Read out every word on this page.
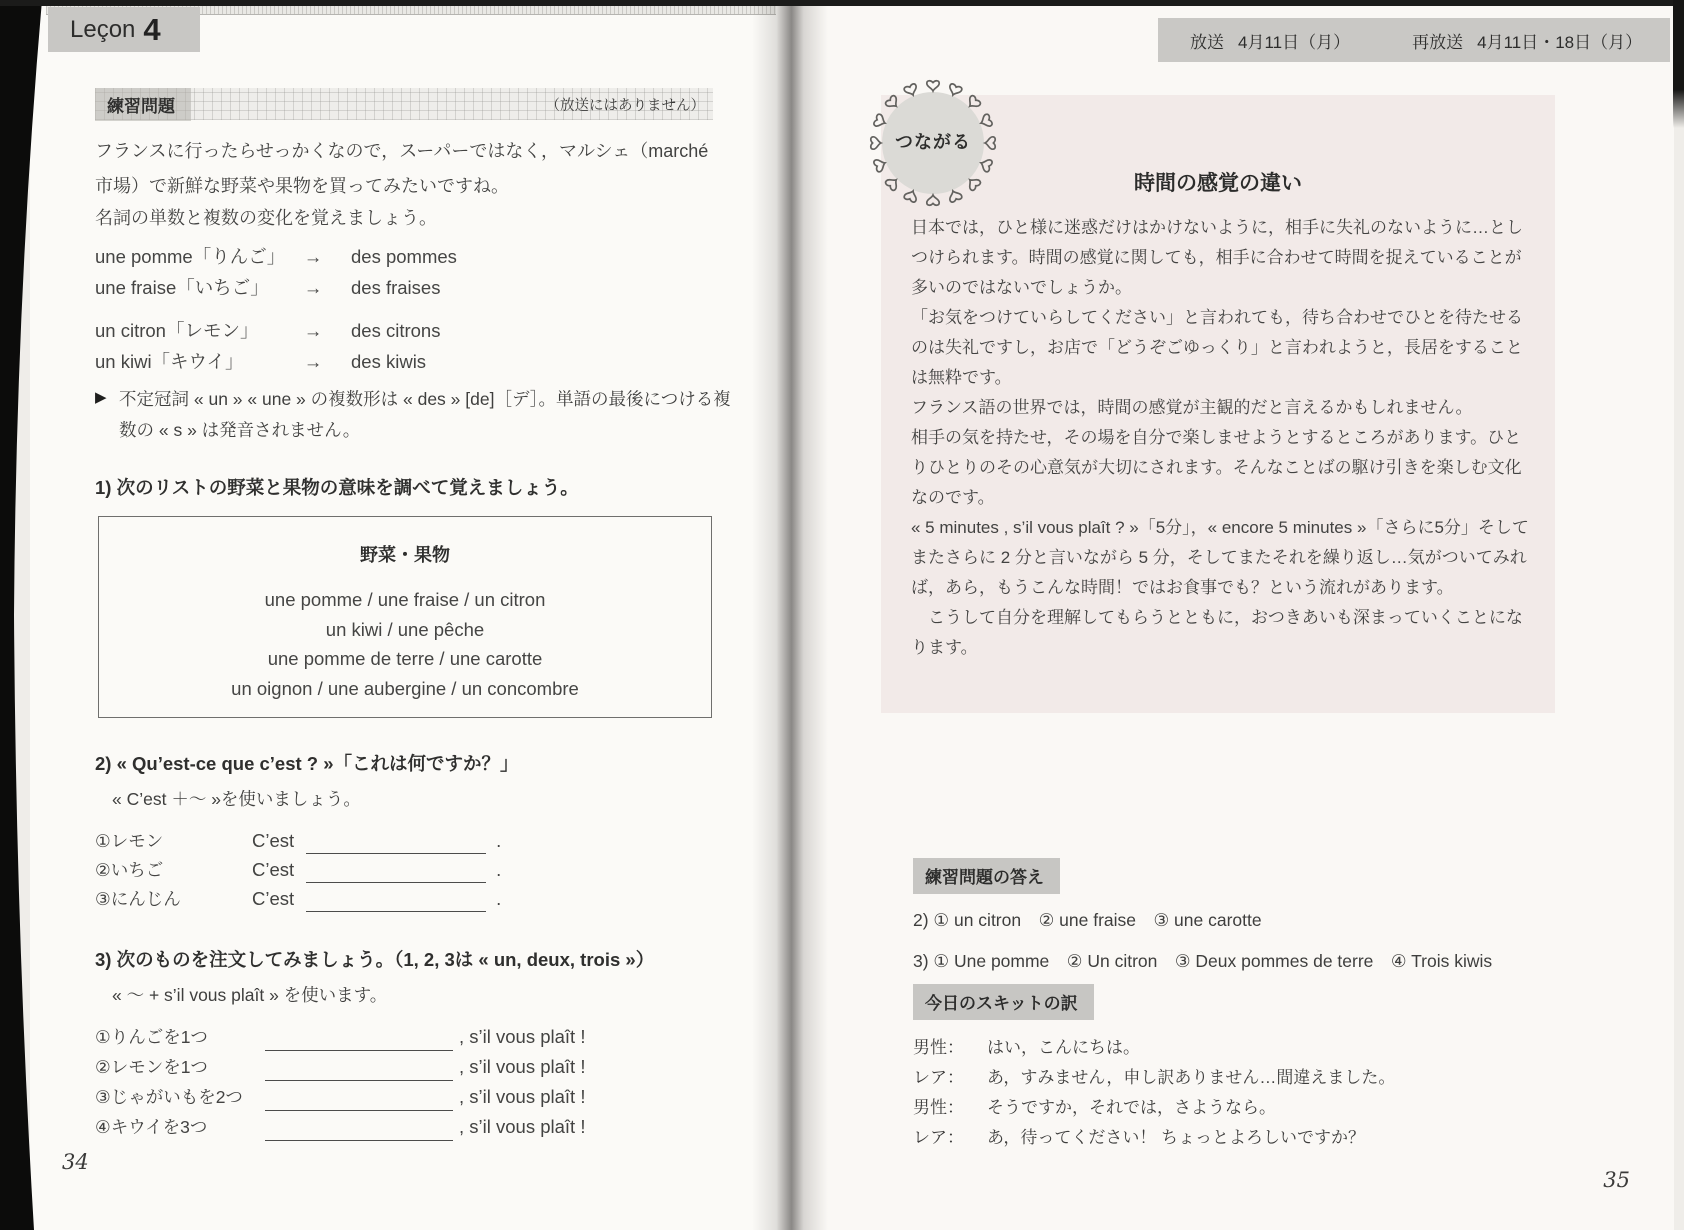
Leçon 4
練習問題	（放送にはありません）

フランスに行ったらせっかくなので，スーパーではなく，マルシェ（marché 市場）で新鮮な野菜や果物を買ってみたいですね。

名詞の単数と複数の変化を覚えましょう。

une pomme「りんご」	→	des pommes
une fraise「いちご」	→	des fraises
un citron「レモン」	→	des citrons
un kiwi「キウイ」	→	des kiwis
▶ 不定冠詞 « un » « une » の複数形は « des » [de]［デ］。単語の最後につける複数の « s » は発音されません。
1) 次のリストの野菜と果物の意味を調べて覚えましょう。
野菜・果物
une pomme / une fraise / un citron
un kiwi / une pêche
une pomme de terre / une carotte
un oignon / une aubergine / un concombre
2) « Qu’est-ce que c’est ? »「これは何ですか？」

« C’est ＋〜 »を使いましょう。

①レモン	C’est	.
②いちご	C’est	.
③にんじん	C’est	.
3) 次のものを注文してみましょう。（1, 2, 3は « un, deux, trois »）

« 〜 + s’il vous plaît » を使います。

①りんごを1つ	, s’il vous plaît !
②レモンを1つ	, s’il vous plaît !
③じゃがいもを2つ	, s’il vous plaît !
④キウイを3つ	, s’il vous plaît !
34
放送 4月11日（月）	再放送 4月11日・18日（月）
時間の感覚の違い

日本では，ひと様に迷惑だけはかけないように，相手に失礼のないように…としつけられます。時間の感覚に関しても，相手に合わせて時間を捉えていることが多いのではないでしょうか。

「お気をつけていらしてください」と言われても，待ち合わせでひとを待たせるのは失礼ですし，お店で「どうぞごゆっくり」と言われようと，長居をすることは無粋です。

フランス語の世界では，時間の感覚が主観的だと言えるかもしれません。

相手の気を持たせ，その場を自分で楽しませようとするところがあります。ひとりひとりのその心意気が大切にされます。そんなことばの駆け引きを楽しむ文化なのです。

« 5 minutes , s’il vous plaît ? »「5分」，« encore 5 minutes »「さらに5分」そしてまたさらに 2 分と言いながら 5 分，そしてまたそれを繰り返し…気がついてみれば，あら，もうこんな時間！ではお食事でも？という流れがあります。

　こうして自分を理解してもらうとともに，おつきあいも深まっていくことになります。

つながる
練習問題の答え
2) ① un citron　② une fraise　③ une carotte
3) ① Une pomme　② Un citron　③ Deux pommes de terre　④ Trois kiwis
今日のスキットの訳
男性：	はい，こんにちは。
レア：	あ，すみません，申し訳ありません…間違えました。
男性：	そうですか，それでは，さようなら。
レア：	あ，待ってください！ ちょっとよろしいですか？
35
